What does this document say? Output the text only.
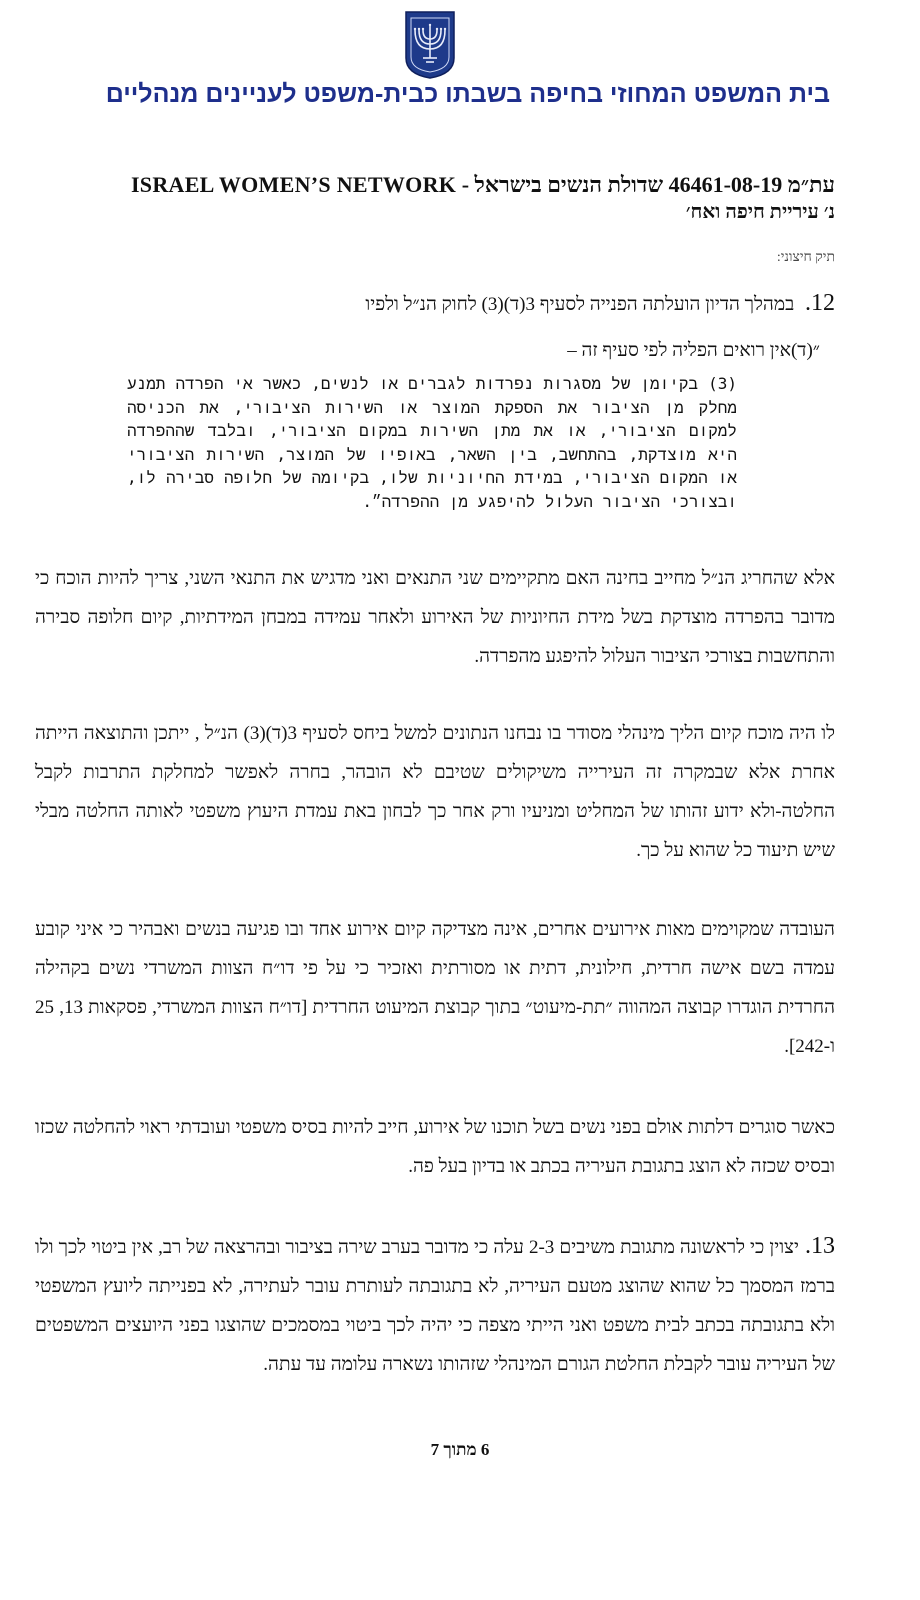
בית המשפט המחוזי בחיפה בשבתו כבית-משפט לעניינים מנהליים

עת״מ 46461-08-19 שדולת הנשים בישראל - ISRAEL WOMEN’S NETWORK

נ׳ עיריית חיפה ואח׳

תיק חיצוני:

12. במהלך הדיון הועלתה הפנייה לסעיף 3(ד)(3) לחוק הנ״ל ולפיו

״(ד)אין רואים הפליה לפי סעיף זה –

(3) בקיומן של מסגרות נפרדות לגברים או לנשים, כאשר אי הפרדה תמנע מחלק מן הציבור את הספקת המוצר או השירות הציבורי, את הכניסה למקום הציבורי, או את מתן השירות במקום הציבורי, ובלבד שההפרדה היא מוצדקת, בהתחשב, בין השאר, באופיו של המוצר, השירות הציבורי או המקום הציבורי, במידת החיוניות שלו, בקיומה של חלופה סבירה לו, ובצורכי הציבור העלול להיפגע מן ההפרדה״.

אלא שהחריג הנ״ל מחייב בחינה האם מתקיימים שני התנאים ואני מדגיש את התנאי השני, צריך להיות הוכח כי מדובר בהפרדה מוצדקת בשל מידת החיוניות של האירוע ולאחר עמידה במבחן המידתיות, קיום חלופה סבירה והתחשבות בצורכי הציבור העלול להיפגע מהפרדה.

לו היה מוכח קיום הליך מינהלי מסודר בו נבחנו הנתונים למשל ביחס לסעיף 3(ד)(3) הנ״ל , ייתכן והתוצאה הייתה אחרת אלא שבמקרה זה העירייה משיקולים שטיבם לא הובהר, בחרה לאפשר למחלקת התרבות לקבל החלטה-ולא ידוע זהותו של המחליט ומניעיו ורק אחר כך לבחון באת עמדת היעוץ משפטי לאותה החלטה מבלי שיש תיעוד כל שהוא על כך.

העובדה שמקוימים מאות אירועים אחרים, אינה מצדיקה קיום אירוע אחד ובו פגיעה בנשים ואבהיר כי איני קובע עמדה בשם אישה חרדית, חילונית, דתית או מסורתית ואזכיר כי על פי דו״ח הצוות המשרדי נשים בקהילה החרדית הוגדרו קבוצה המהווה ״תת-מיעוט״ בתוך קבוצת המיעוט החרדית [דו״ח הצוות המשרדי, פסקאות 13, 25 ו-242].

כאשר סוגרים דלתות אולם בפני נשים בשל תוכנו של אירוע, חייב להיות בסיס משפטי ועובדתי ראוי להחלטה שכזו ובסיס שכזה לא הוצג בתגובת העיריה בכתב או בדיון בעל פה.

13.יצוין כי לראשונה מתגובת משיבים 2-3 עלה כי מדובר בערב שירה בציבור ובהרצאה של רב, אין ביטוי לכך ולו ברמז המסמך כל שהוא שהוצג מטעם העיריה, לא בתגובתה לעותרת עובר לעתירה, לא בפנייתה ליועץ המשפטי ולא בתגובתה בכתב לבית משפט ואני הייתי מצפה כי יהיה לכך ביטוי במסמכים שהוצגו בפני היועצים המשפטים של העיריה עובר לקבלת החלטת הגורם המינהלי שזהותו נשארה עלומה עד עתה.

6 מתוך 7
